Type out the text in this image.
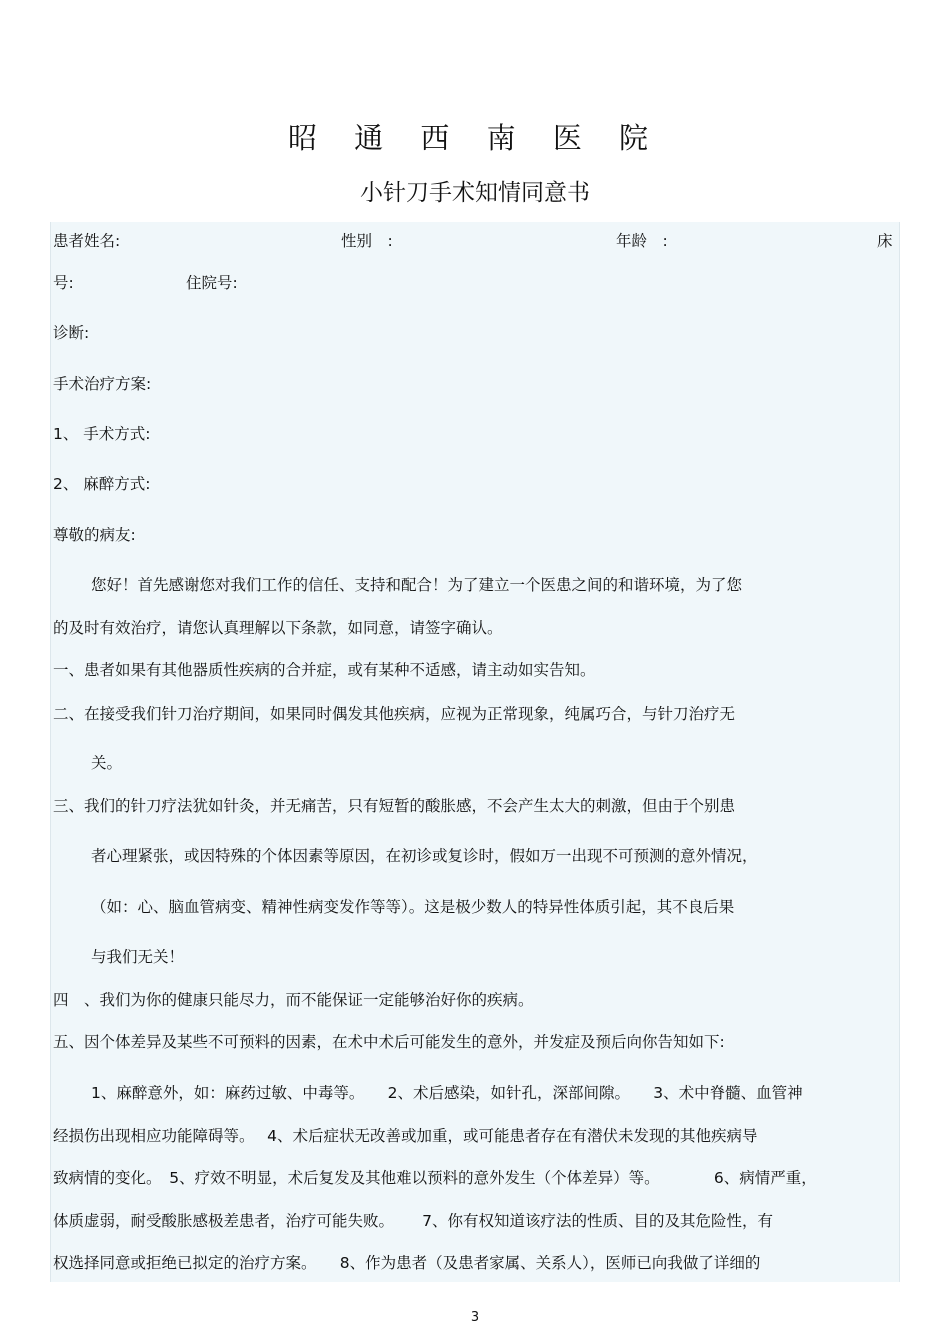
昭 通 西 南 医 院
小针刀手术知情同意书
患者姓名:	性别　:	年龄　:	床
号:	住院号:
诊断:
手术治疗方案:
1、 手术方式:
2、 麻醉方式:
尊敬的病友:
您好！首先感谢您对我们工作的信任、支持和配合！为了建立一个医患之间的和谐环境，为了您
的及时有效治疗，请您认真理解以下条款，如同意，请签字确认。
一、患者如果有其他器质性疾病的合并症，或有某种不适感，请主动如实告知。
二、在接受我们针刀治疗期间，如果同时偶发其他疾病，应视为正常现象，纯属巧合，与针刀治疗无
关。
三、我们的针刀疗法犹如针灸，并无痛苦，只有短暂的酸胀感，不会产生太大的刺激，但由于个别患
者心理紧张，或因特殊的个体因素等原因，在初诊或复诊时，假如万一出现不可预测的意外情况，
（如：心、脑血管病变、精神性病变发作等等）。这是极少数人的特异性体质引起，其不良后果
与我们无关！
四　、我们为你的健康只能尽力，而不能保证一定能够治好你的疾病。
五、因个体差异及某些不可预料的因素，在术中术后可能发生的意外，并发症及预后向你告知如下:
1、麻醉意外，如：麻药过敏、中毒等。　　2、术后感染，如针孔，深部间隙。　　3、术中脊髓、血管神
经损伤出现相应功能障碍等。　 4、术后症状无改善或加重，或可能患者存在有潜伏未发现的其他疾病导
致病情的变化。　5、疗效不明显，术后复发及其他难以预料的意外发生（个体差异）等。　　　　6、病情严重，
体质虚弱，耐受酸胀感极差患者，治疗可能失败。　　 7、你有权知道该疗法的性质、目的及其危险性，有
权选择同意或拒绝已拟定的治疗方案。　　8、作为患者（及患者家属、关系人），医师已向我做了详细的
3
